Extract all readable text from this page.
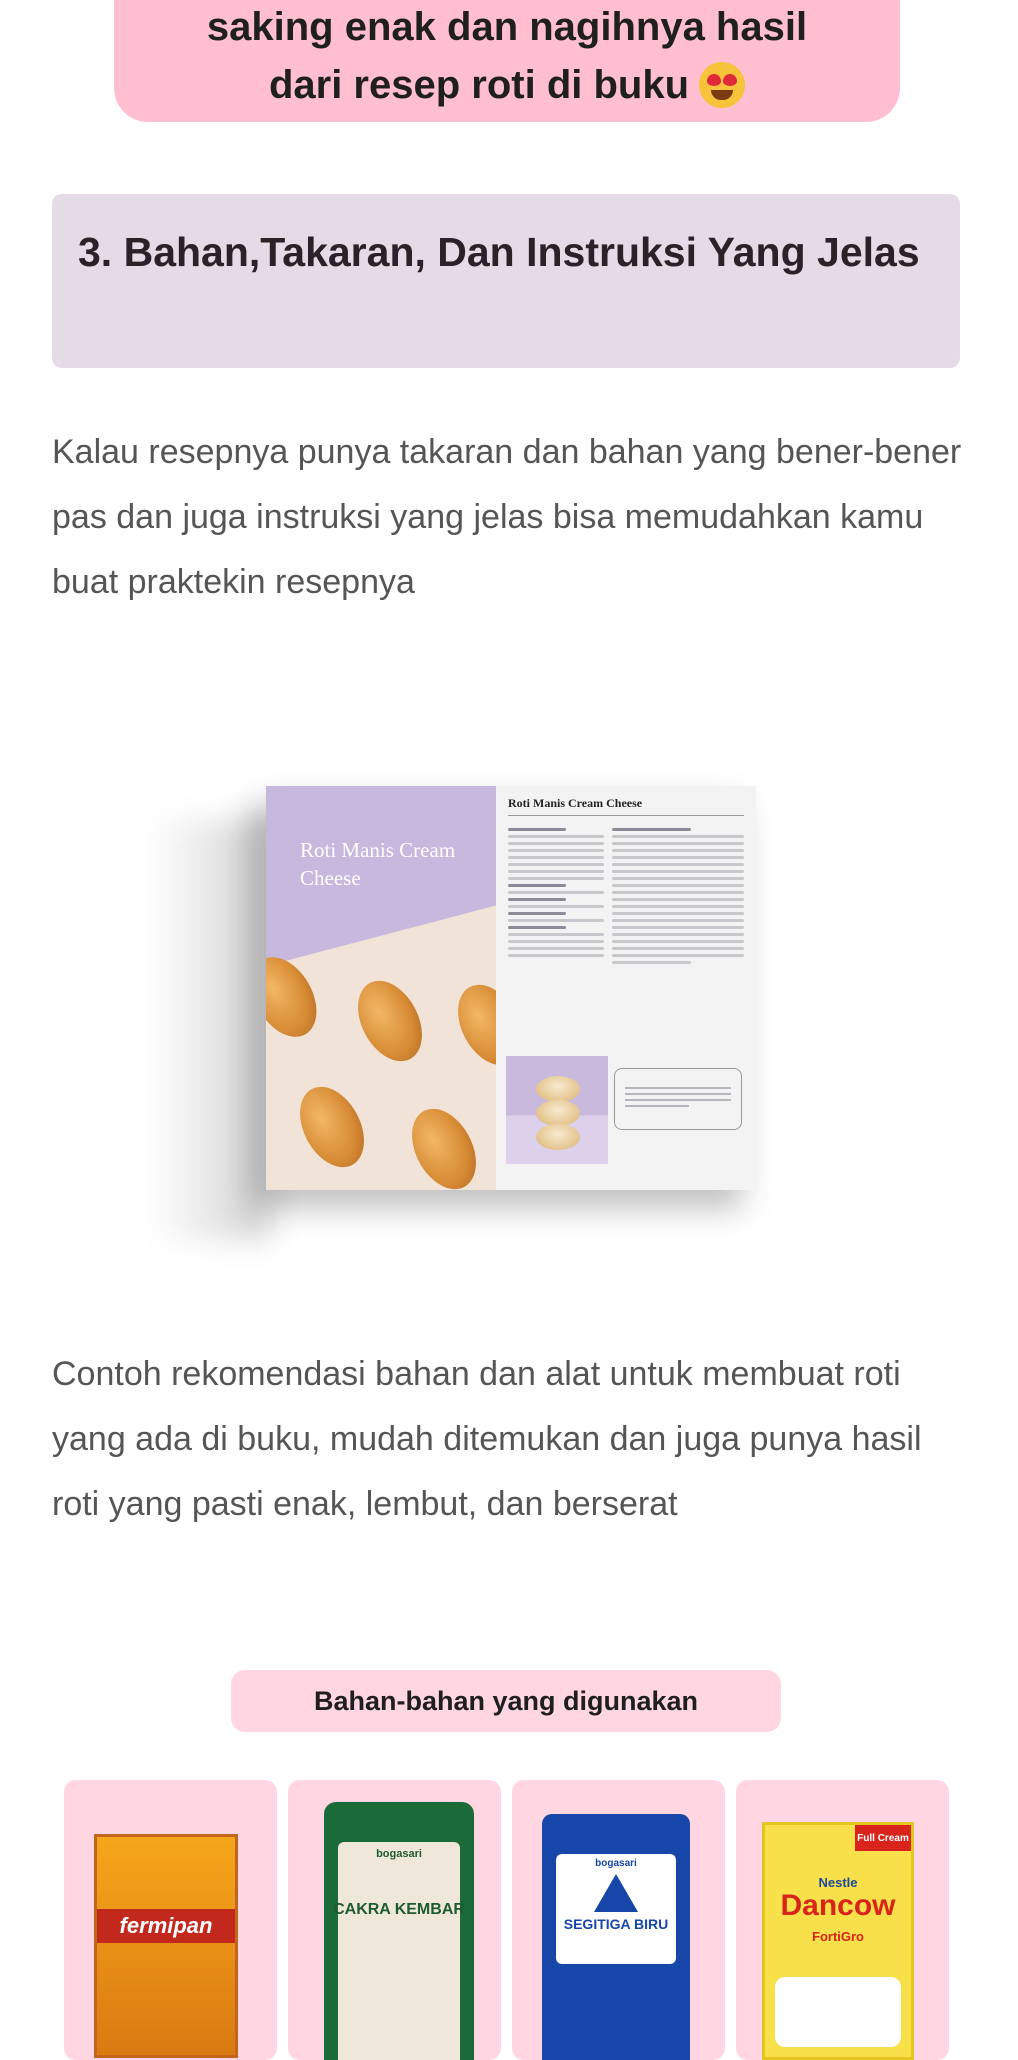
saking enak dan nagihnya hasil
dari resep roti di buku
3. Bahan,Takaran, Dan Instruksi Yang Jelas

Kalau resepnya punya takaran dan bahan yang bener-bener pas dan juga instruksi yang jelas bisa memudahkan kamu buat praktekin resepnya

Roti Manis Cream Cheese
Roti Manis Cream Cheese

Contoh rekomendasi bahan dan alat untuk membuat roti yang ada di buku, mudah ditemukan dan juga punya hasil roti yang pasti enak, lembut, dan berserat

Bahan-bahan yang digunakan
fermipan
bogasari
CAKRA KEMBAR
bogasari
SEGITIGA BIRU
Full Cream
Nestle
Dancow
FortiGro
